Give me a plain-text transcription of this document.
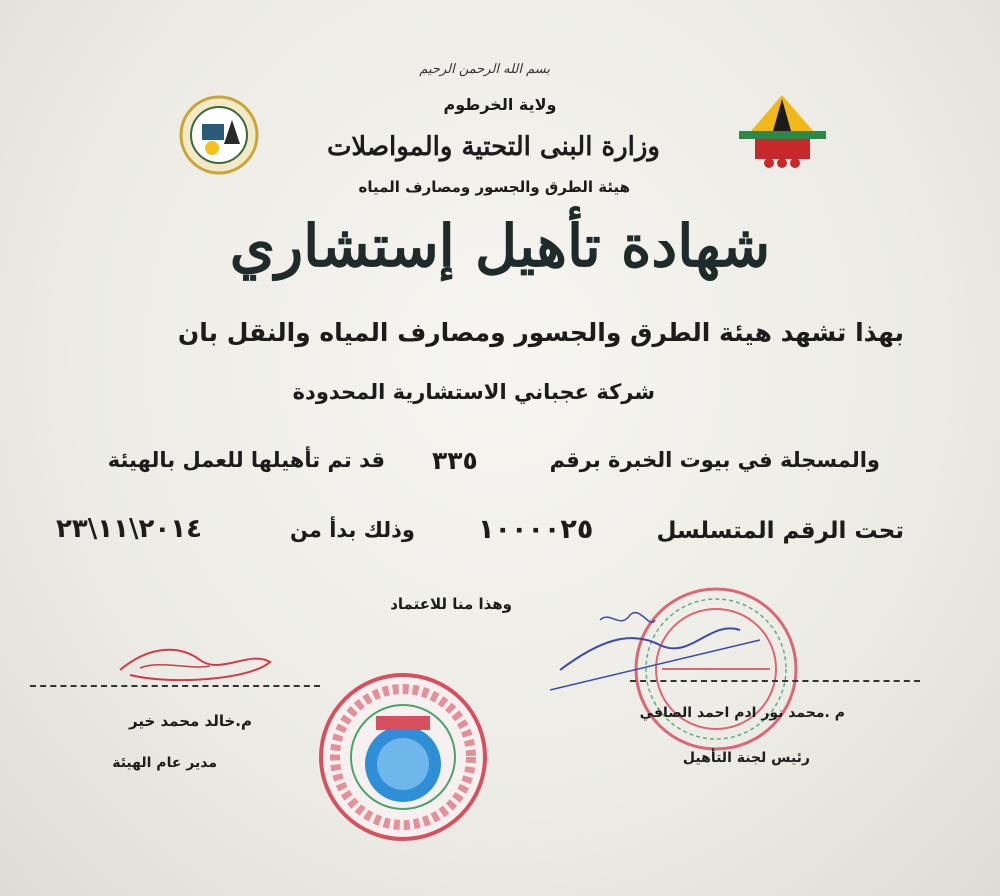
بسم الله الرحمن الرحيم
ولاية الخرطوم
وزارة البنى التحتية والمواصلات
هيئة الطرق والجسور ومصارف المياه
شهادة تأهيل إستشاري
بهذا تشهد هيئة الطرق والجسور ومصارف المياه والنقل بان
شركة عجباني الاستشارية المحدودة
والمسجلة في بيوت الخبرة برقم
٣٣٥
قد تم تأهيلها للعمل بالهيئة
تحت الرقم المتسلسل
١٠٠٠٠٢٥
وذلك بدأ من
٢٠١٤\١١\٢٣
وهذا منا للاعتماد
م.خالد محمد خير
مدير عام الهيئة
م .محمد نور ادم احمد الصافي
رئيس لجنة التأهيل
